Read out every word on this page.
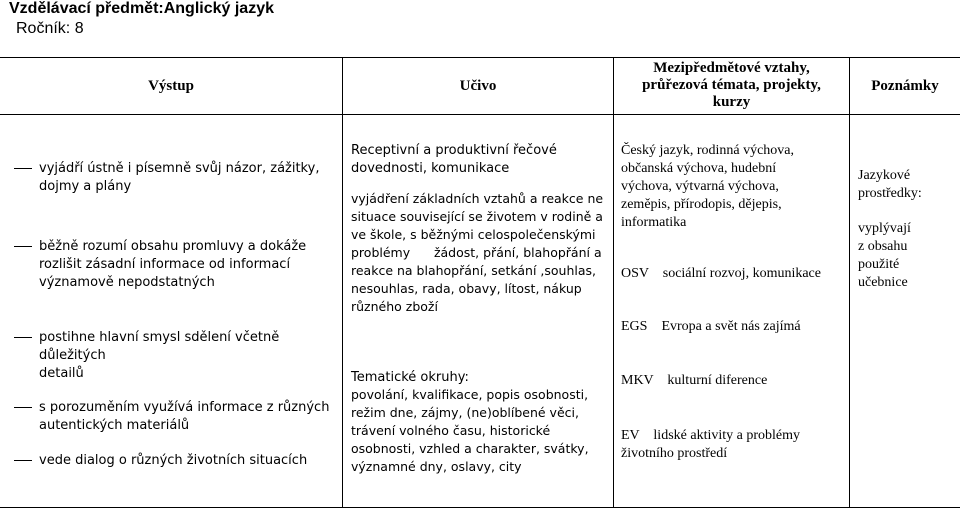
Vzdělávací předmět:Anglický jazyk
Ročník: 8
Výstup	Učivo
Mezipředmětové vztahy,
průřezová témata, projekty,
kurzy
Poznámky
vyjádří ústně i písemně svůj názor, zážitky,
dojmy a plány
běžně rozumí obsahu promluvy a dokáže
rozlišit zásadní informace od informací
významově nepodstatných
postihne hlavní smysl sdělení včetně důležitých
detailů
s porozuměním využívá informace z různých
autentických materiálů
vede dialog o různých životních situacích
Receptivní a produktivní řečové
dovednosti, komunikace
vyjádření základních vztahů a reakce ne
situace související se životem v rodině a
ve škole, s běžnými celospolečenskými
problémy      žádost, přání, blahopřání a
reakce na blahopřání, setkání ,souhlas,
nesouhlas, rada, obavy, lítost, nákup
různého zboží
Tematické okruhy:
povolání, kvalifikace, popis osobnosti,
režim dne, zájmy, (ne)oblíbené věci,
trávení volného času, historické
osobnosti, vzhled a charakter, svátky,
významné dny, oslavy, city
Český jazyk, rodinná výchova,
občanská výchova, hudební
výchova, výtvarná výchova,
zeměpis, přírodopis, dějepis,
informatika
OSV    sociální rozvoj, komunikace
EGS    Evropa a svět nás zajímá
MKV    kulturní diference
EV    lidské aktivity a problémy
životního prostředí
Jazykové
prostředky:
vyplývají
z obsahu
použité
učebnice
